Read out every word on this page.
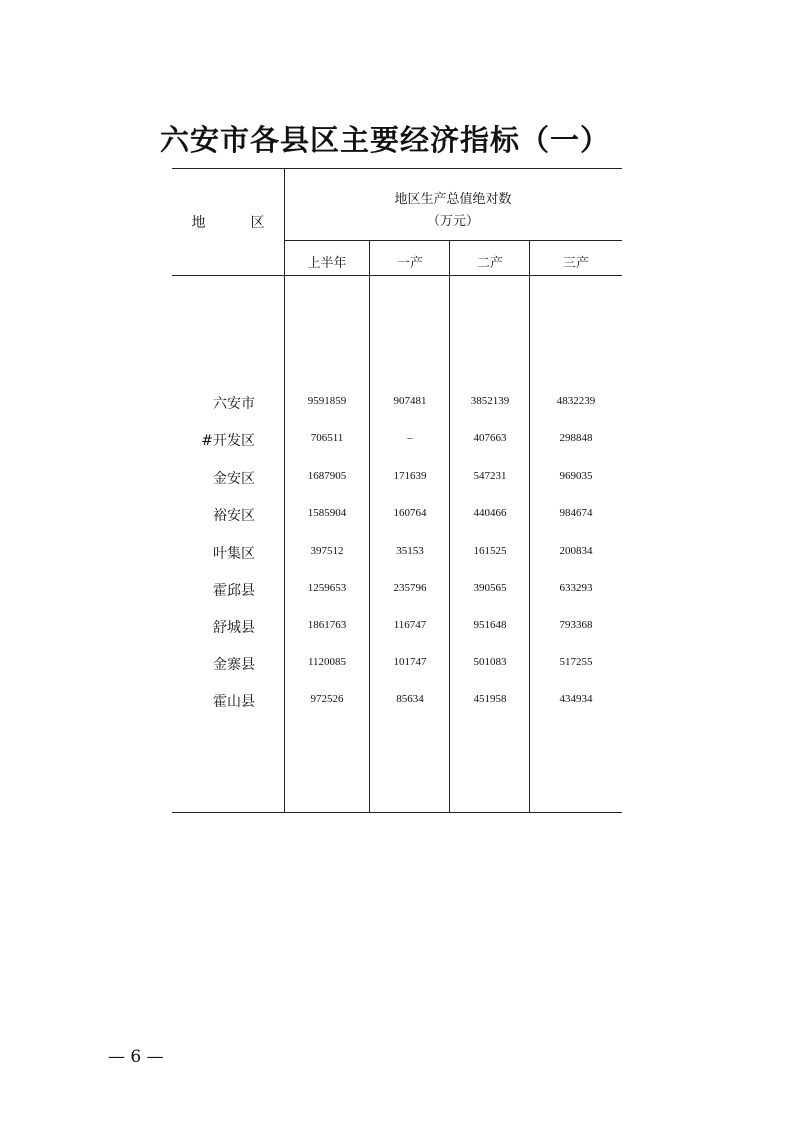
六安市各县区主要经济指标（一）
地  区
地区生产总值绝对数
（万元）
上半年	一产	二产	三产
六安市	9591859	907481	3852139	4832239
#开发区	706511	–	407663	298848
金安区	1687905	171639	547231	969035
裕安区	1585904	160764	440466	984674
叶集区	397512	35153	161525	200834
霍邱县	1259653	235796	390565	633293
舒城县	1861763	116747	951648	793368
金寨县	1120085	101747	501083	517255
霍山县	972526	85634	451958	434934
— 6 —
